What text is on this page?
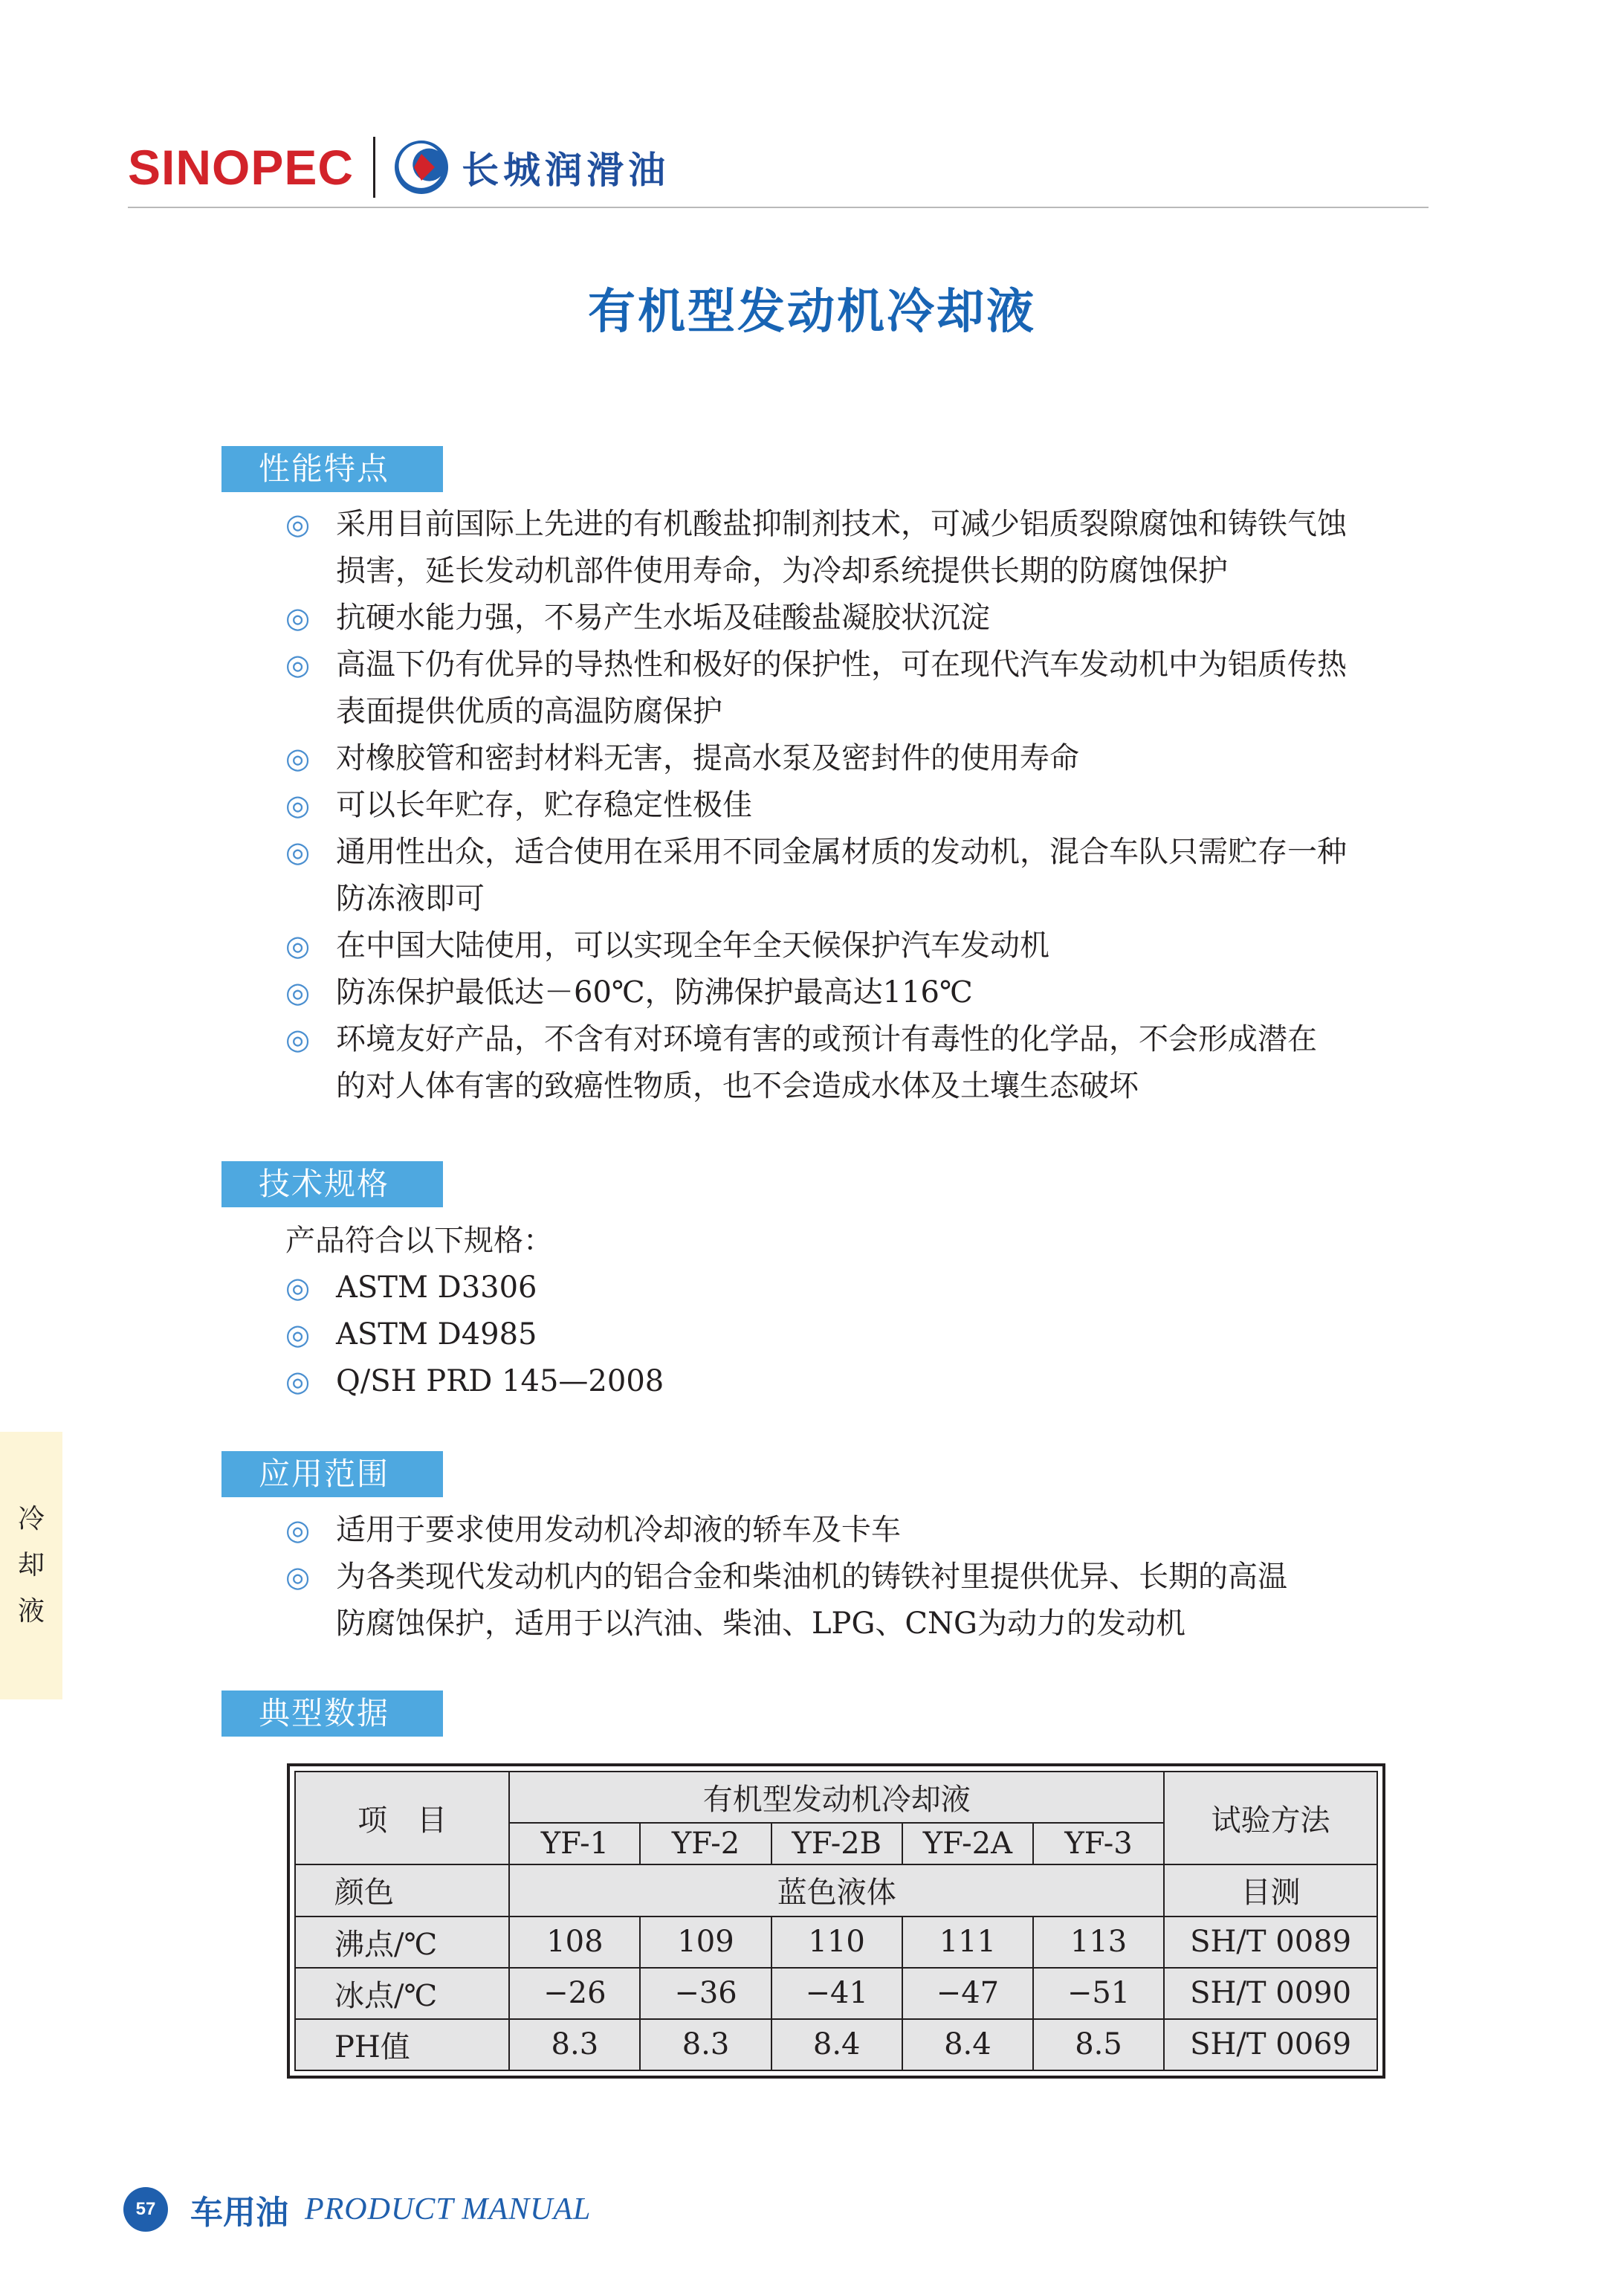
SINOPEC	长城润滑油
有机型发动机冷却液
性能特点
◎ 采用目前国际上先进的有机酸盐抑制剂技术，可减少铝质裂隙腐蚀和铸铁气蚀
损害，延长发动机部件使用寿命，为冷却系统提供长期的防腐蚀保护
◎ 抗硬水能力强，不易产生水垢及硅酸盐凝胶状沉淀
◎ 高温下仍有优异的导热性和极好的保护性，可在现代汽车发动机中为铝质传热
表面提供优质的高温防腐保护
◎ 对橡胶管和密封材料无害，提高水泵及密封件的使用寿命
◎ 可以长年贮存，贮存稳定性极佳
◎ 通用性出众，适合使用在采用不同金属材质的发动机，混合车队只需贮存一种
防冻液即可
◎ 在中国大陆使用，可以实现全年全天候保护汽车发动机
◎ 防冻保护最低达－60℃，防沸保护最高达116℃
◎ 环境友好产品，不含有对环境有害的或预计有毒性的化学品，不会形成潜在
的对人体有害的致癌性物质，也不会造成水体及土壤生态破坏
技术规格
产品符合以下规格：
◎ ASTM D3306
◎ ASTM D4985
◎ Q/SH PRD 145—2008
应用范围
◎ 适用于要求使用发动机冷却液的轿车及卡车
◎ 为各类现代发动机内的铝合金和柴油机的铸铁衬里提供优异、长期的高温
防腐蚀保护，适用于以汽油、柴油、LPG、CNG为动力的发动机
冷
却
液
典型数据
项　目	有机型发动机冷却液					试验方法
	YF-1	YF-2	YF-2B	YF-2A	YF-3	
颜色	蓝色液体					目测
沸点/℃	108	109	110	111	113	SH/T 0089
冰点/℃	−26	−36	−41	−47	−51	SH/T 0090
PH值	8.3	8.3	8.4	8.4	8.5	SH/T 0069
57	车用油 PRODUCT MANUAL
